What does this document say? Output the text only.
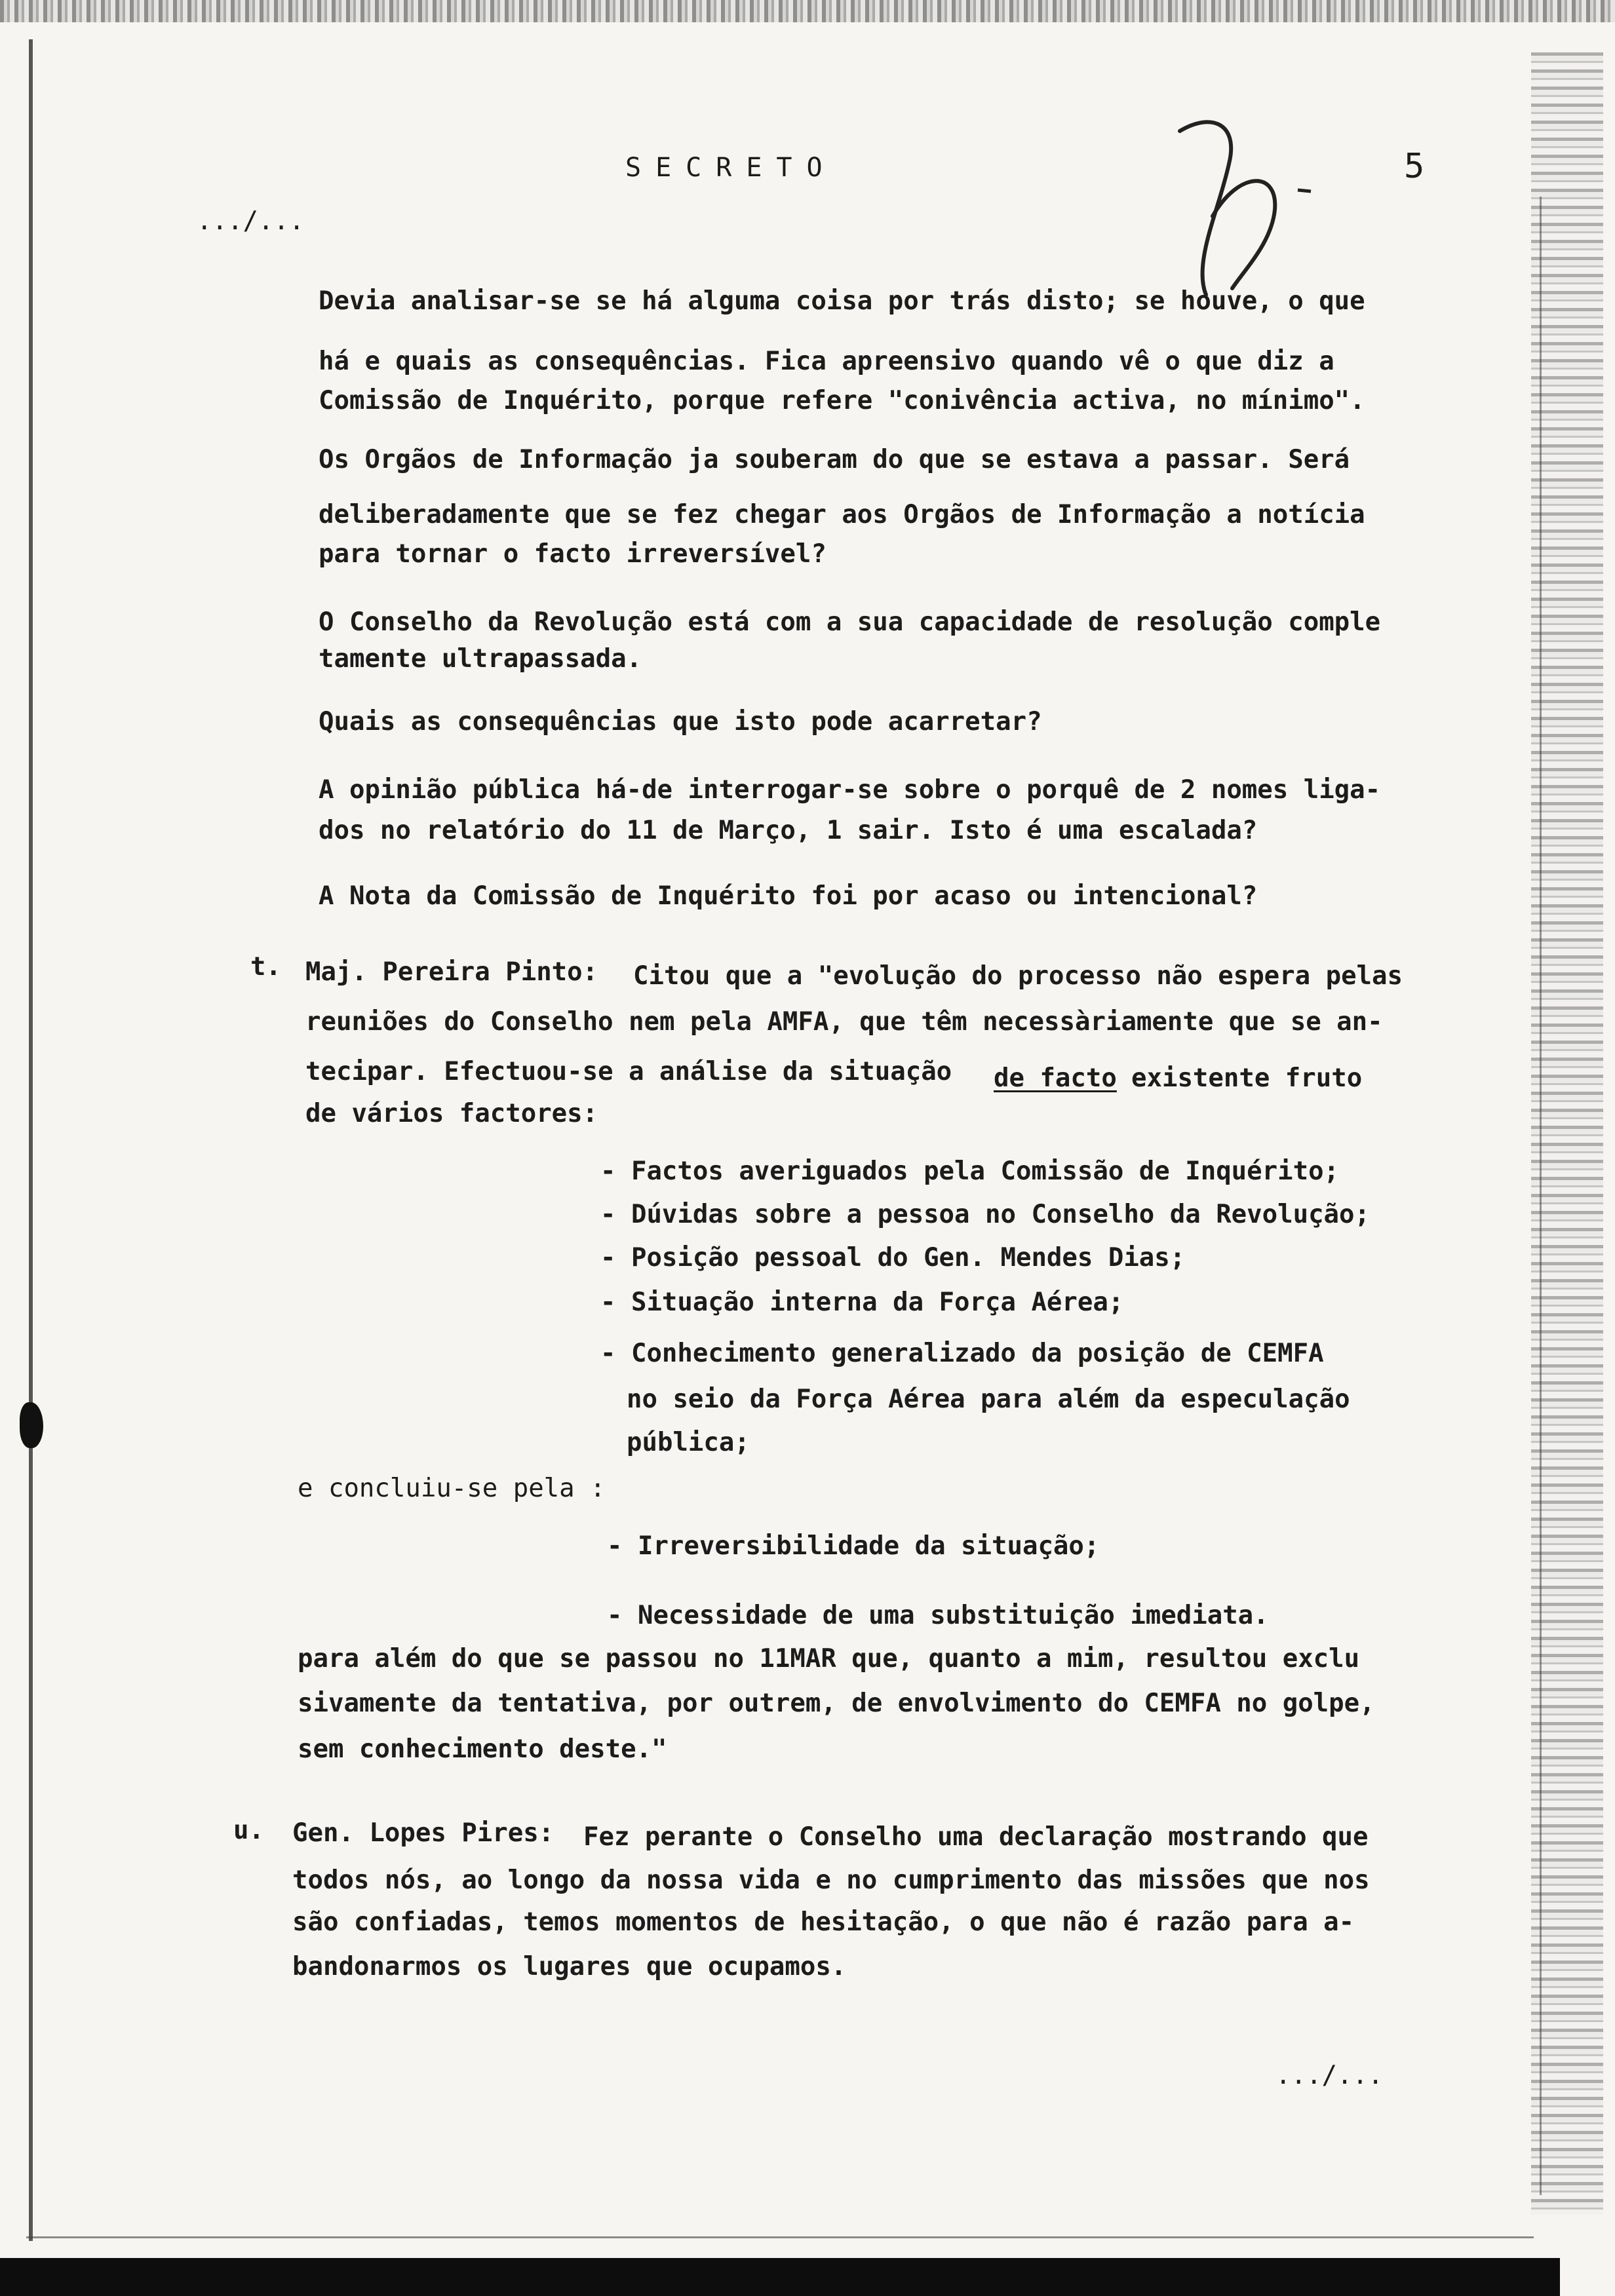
SECRETO	5
.../...
Devia analisar-se se há alguma coisa por trás disto; se houve, o que
há e quais as consequências. Fica apreensivo quando vê o que diz a
Comissão de Inquérito, porque refere "conivência activa, no mínimo".
Os Orgãos de Informação ja souberam do que se estava a passar. Será
deliberadamente que se fez chegar aos Orgãos de Informação a notícia
para tornar o facto irreversível?
O Conselho da Revolução está com a sua capacidade de resolução comple
tamente ultrapassada.
Quais as consequências que isto pode acarretar?
A opinião pública há-de interrogar-se sobre o porquê de 2 nomes liga-
dos no relatório do 11 de Março, 1 sair. Isto é uma escalada?
A Nota da Comissão de Inquérito foi por acaso ou intencional?
t. Maj. Pereira Pinto: Citou que a "evolução do processo não espera pelas
reuniões do Conselho nem pela AMFA, que têm necessàriamente que se an-
tecipar. Efectuou-se a análise da situação de facto existente fruto
de vários factores:
- Factos averiguados pela Comissão de Inquérito;
- Dúvidas sobre a pessoa no Conselho da Revolução;
- Posição pessoal do Gen. Mendes Dias;
- Situação interna da Força Aérea;
- Conhecimento generalizado da posição de CEMFA
no seio da Força Aérea para além da especulação
pública;
e concluiu-se pela :
- Irreversibilidade da situação;
- Necessidade de uma substituição imediata.
para além do que se passou no 11MAR que, quanto a mim, resultou exclu
sivamente da tentativa, por outrem, de envolvimento do CEMFA no golpe,
sem conhecimento deste."
u. Gen. Lopes Pires: Fez perante o Conselho uma declaração mostrando que
todos nós, ao longo da nossa vida e no cumprimento das missões que nos
são confiadas, temos momentos de hesitação, o que não é razão para a-
bandonarmos os lugares que ocupamos.
.../...
